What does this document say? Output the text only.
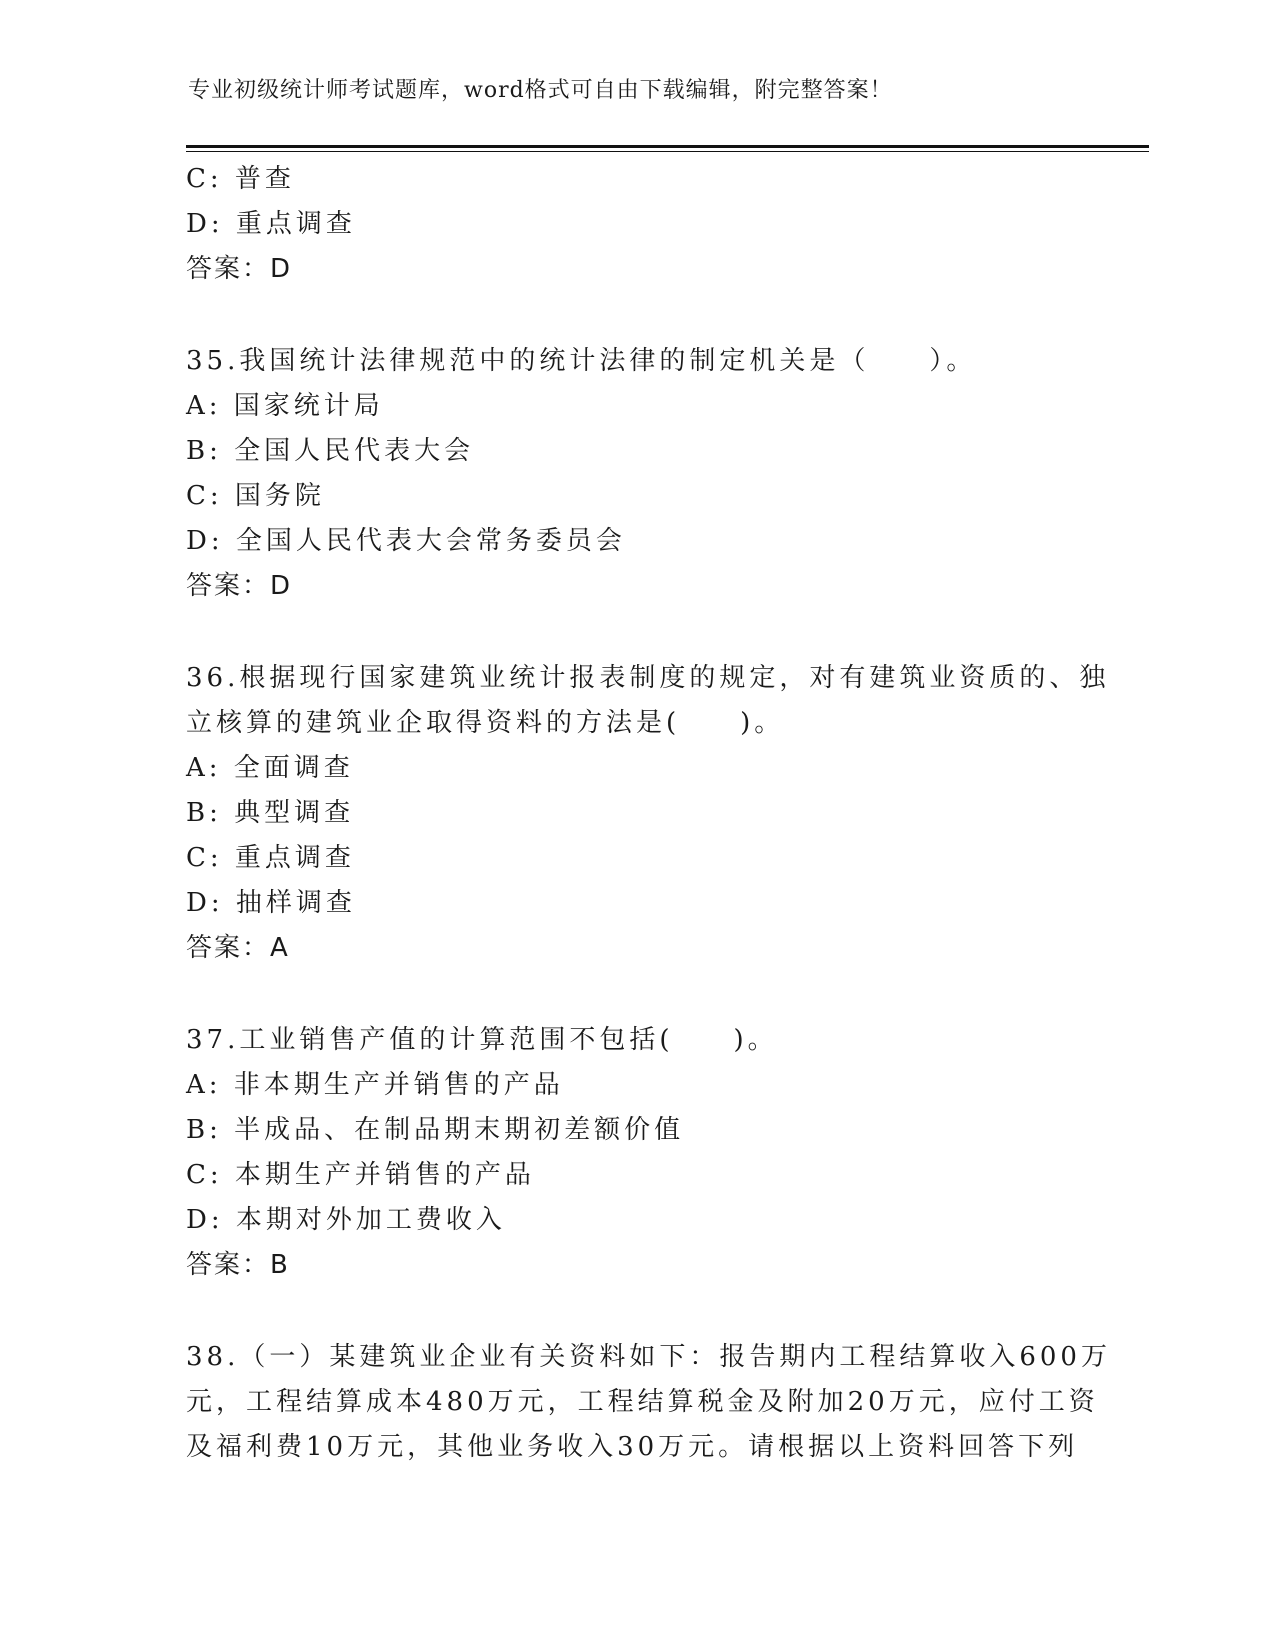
专业初级统计师考试题库，word格式可自由下载编辑，附完整答案！
C: 普查
D: 重点调查
答案：D
35.我国统计法律规范中的统计法律的制定机关是（　　）。
A: 国家统计局
B: 全国人民代表大会
C: 国务院
D: 全国人民代表大会常务委员会
答案：D
36.根据现行国家建筑业统计报表制度的规定，对有建筑业资质的、独
立核算的建筑业企取得资料的方法是(　　)。
A: 全面调查
B: 典型调查
C: 重点调查
D: 抽样调查
答案：A
37.工业销售产值的计算范围不包括(　　)。
A: 非本期生产并销售的产品
B: 半成品、在制品期末期初差额价值
C: 本期生产并销售的产品
D: 本期对外加工费收入
答案：B
38.（一）某建筑业企业有关资料如下：报告期内工程结算收入600万
元，工程结算成本480万元，工程结算税金及附加20万元，应付工资
及福利费10万元，其他业务收入30万元。请根据以上资料回答下列
